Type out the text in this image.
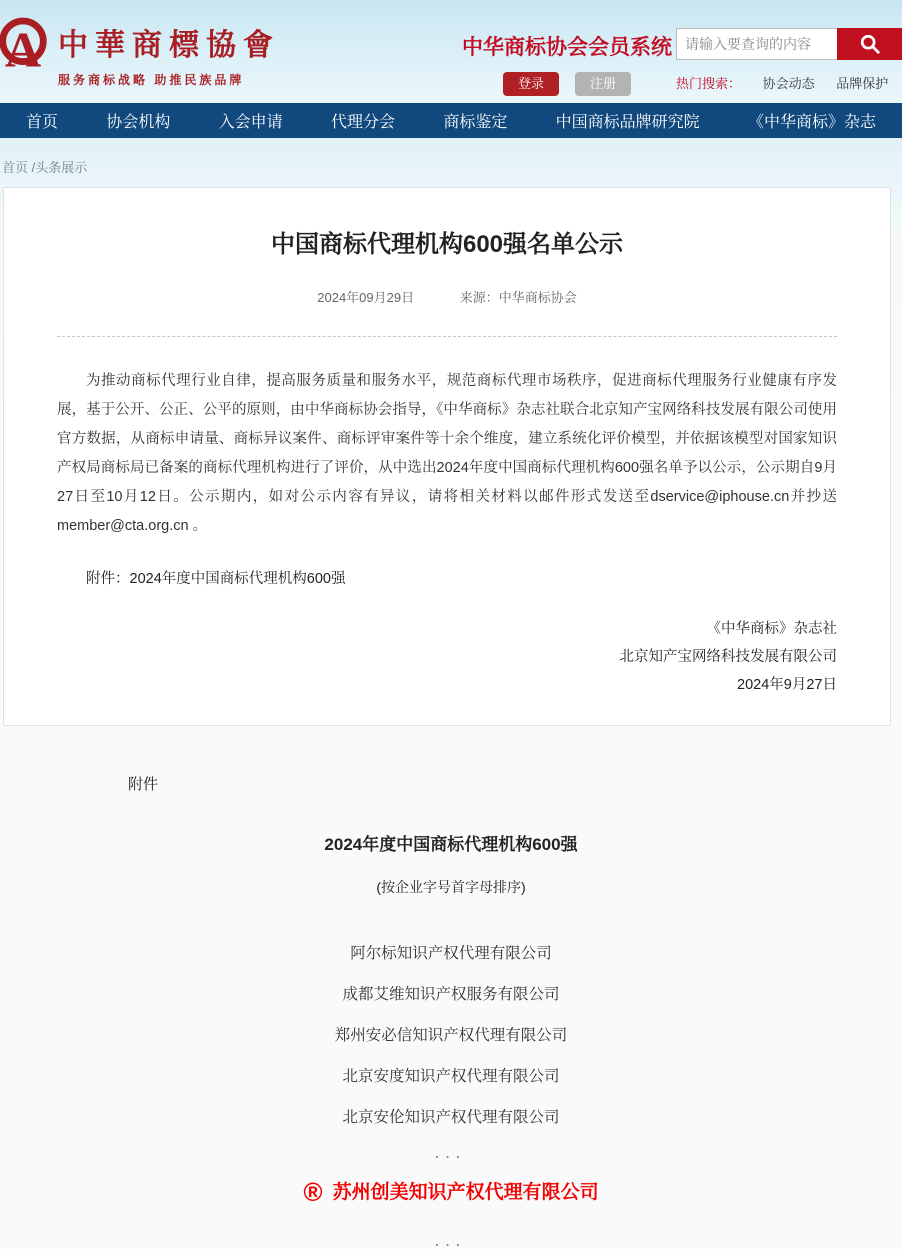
A 中華商標協會
服务商标战略 助推民族品牌
中华商标协会会员系统
登录	注册
请输入要查询的内容	热门搜索： 协会动态 品牌保护
首页	协会机构	入会申请	代理分会	商标鉴定	中国商标品牌研究院	《中华商标》杂志
首页 /头条展示
中国商标代理机构600强名单公示
2024年09月29日	来源：中华商标协会
为推动商标代理行业自律，提高服务质量和服务水平，规范商标代理市场秩序，促进商标代理服务行业健康有序发展，基于公开、公正、公平的原则，由中华商标协会指导，《中华商标》杂志社联合北京知产宝网络科技发展有限公司使用官方数据，从商标申请量、商标异议案件、商标评审案件等十余个维度，建立系统化评价模型，并依据该模型对国家知识产权局商标局已备案的商标代理机构进行了评价，从中选出2024年度中国商标代理机构600强名单予以公示，公示期自9月27日至10月12日。公示期内，如对公示内容有异议，请将相关材料以邮件形式发送至dservice@iphouse.cn并抄送member@cta.org.cn 。
附件：2024年度中国商标代理机构600强
《中华商标》杂志社
北京知产宝网络科技发展有限公司
2024年9月27日
附件
2024年度中国商标代理机构600强
(按企业字号首字母排序)
阿尔标知识产权代理有限公司
成都艾维知识产权服务有限公司
郑州安必信知识产权代理有限公司
北京安度知识产权代理有限公司
北京安伦知识产权代理有限公司
...
® 苏州创美知识产权代理有限公司
...
